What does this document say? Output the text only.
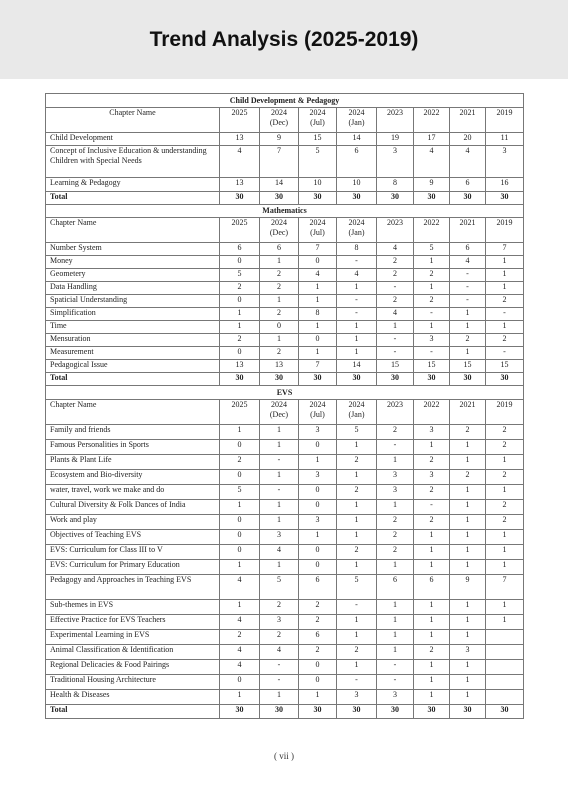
Trend Analysis (2025-2019)
Child Development & Pedagogy								
Chapter Name	2025	2024 (Dec)	2024 (Jul)	2024 (Jan)	2023	2022	2021	2019
Child Development	13	9	15	14	19	17	20	11
Concept of Inclusive Education & understanding Children with Special Needs	4	7	5	6	3	4	4	3
Learning & Pedagogy	13	14	10	10	8	9	6	16
Total	30	30	30	30	30	30	30	30
Mathematics								
Chapter Name	2025	2024 (Dec)	2024 (Jul)	2024 (Jan)	2023	2022	2021	2019
Number System	6	6	7	8	4	5	6	7
Money	0	1	0	-	2	1	4	1
Geometery	5	2	4	4	2	2	-	1
Data Handling	2	2	1	1	-	1	-	1
Spaticial Understanding	0	1	1	-	2	2	-	2
Simplification	1	2	8	-	4	-	1	-
Time	1	0	1	1	1	1	1	1
Mensuration	2	1	0	1	-	3	2	2
Measurement	0	2	1	1	-	-	1	-
Pedagogical Issue	13	13	7	14	15	15	15	15
Total	30	30	30	30	30	30	30	30
EVS								
Chapter Name	2025	2024 (Dec)	2024 (Jul)	2024 (Jan)	2023	2022	2021	2019
Family and friends	1	1	3	5	2	3	2	2
Famous Personalities in Sports	0	1	0	1	-	1	1	2
Plants & Plant Life	2	-	1	2	1	2	1	1
Ecosystem and Bio-diversity	0	1	3	1	3	3	2	2
water, travel, work we make and do	5	-	0	2	3	2	1	1
Cultural Diversity & Folk Dances of India	1	1	0	1	1	-	1	2
Work and play	0	1	3	1	2	2	1	2
Objectives of Teaching EVS	0	3	1	1	2	1	1	1
EVS: Curriculum for Class III to V	0	4	0	2	2	1	1	1
EVS: Curriculum for Primary Education	1	1	0	1	1	1	1	1
Pedagogy and Approaches in Teaching EVS	4	5	6	5	6	6	9	7
Sub-themes in EVS	1	2	2	-	1	1	1	1
Effective Practice for EVS Teachers	4	3	2	1	1	1	1	1
Experimental Learning in EVS	2	2	6	1	1	1	1	
Animal Classification & Identification	4	4	2	2	1	2	3	
Regional Delicacies & Food Pairings	4	-	0	1	-	1	1	
Traditional Housing Architecture	0	-	0	-	-	1	1	
Health & Diseases	1	1	1	3	3	1	1	
Total	30	30	30	30	30	30	30	30
( vii )
